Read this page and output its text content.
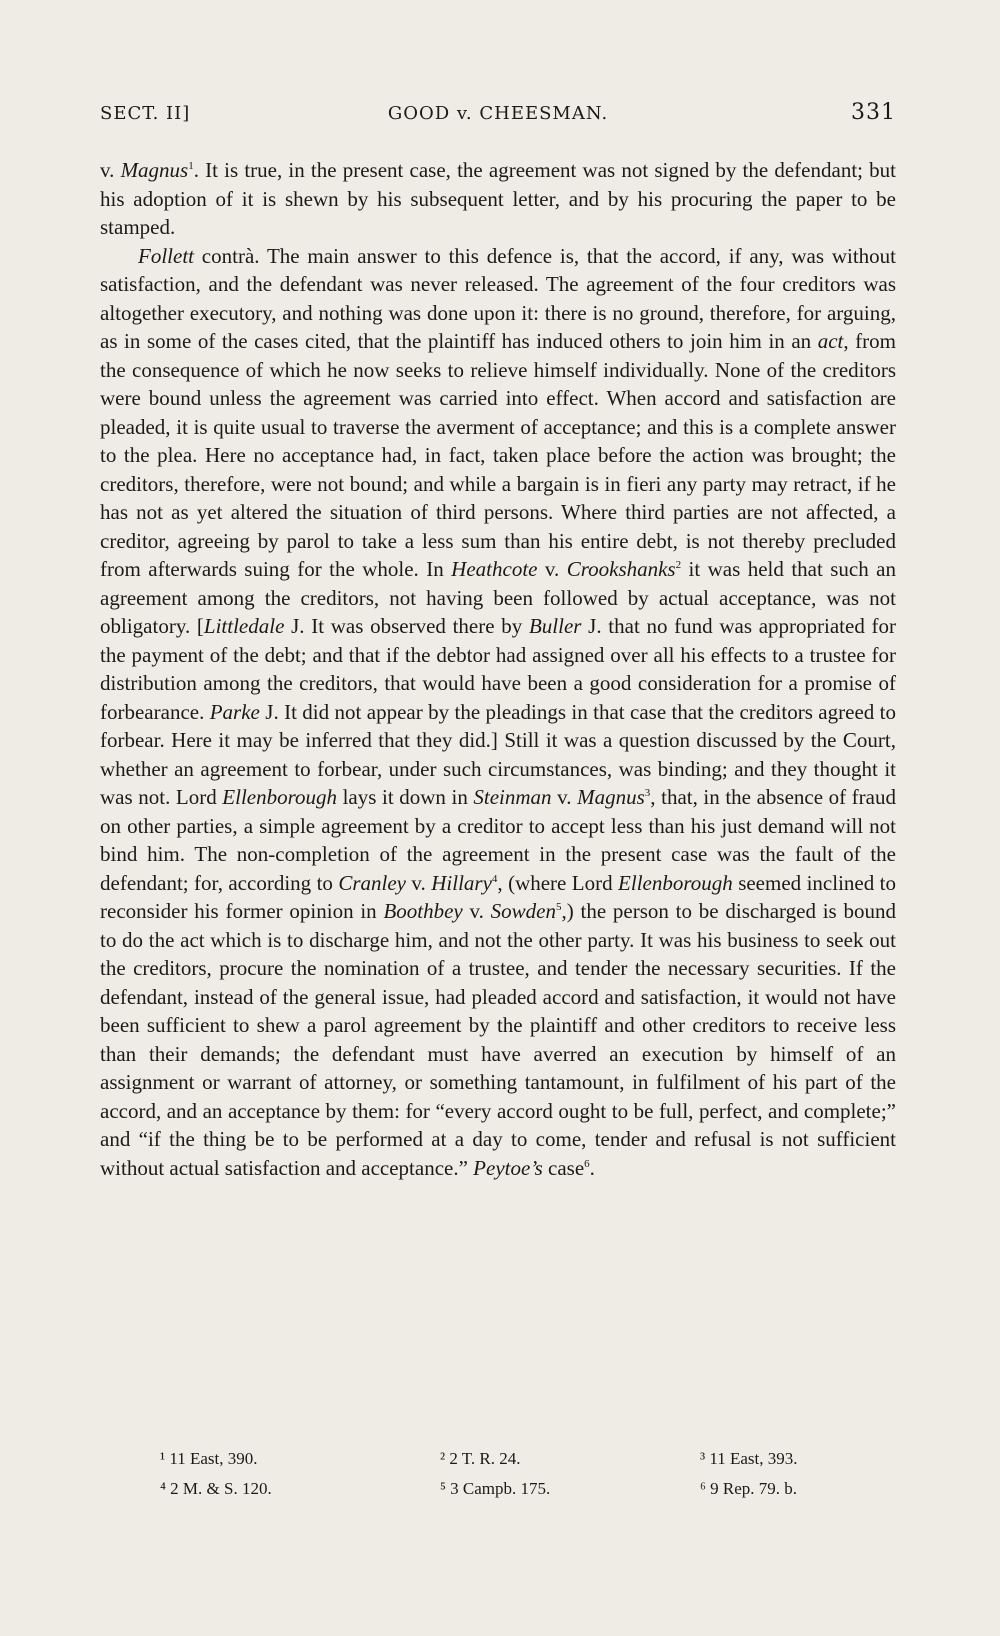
SECT. II]	GOOD v. CHEESMAN.	331

v. Magnus$^1$. It is true, in the present case, the agreement was not signed by the defendant; but his adoption of it is shewn by his subsequent letter, and by his procuring the paper to be stamped.

Follett contrà. The main answer to this defence is, that the accord, if any, was without satisfaction, and the defendant was never released. The agreement of the four creditors was altogether executory, and nothing was done upon it: there is no ground, therefore, for arguing, as in some of the cases cited, that the plaintiff has induced others to join him in an act, from the consequence of which he now seeks to relieve himself individually. None of the creditors were bound unless the agreement was carried into effect. When accord and satisfaction are pleaded, it is quite usual to traverse the averment of acceptance; and this is a complete answer to the plea. Here no acceptance had, in fact, taken place before the action was brought; the creditors, therefore, were not bound; and while a bargain is in fieri any party may retract, if he has not as yet altered the situation of third persons. Where third parties are not affected, a creditor, agreeing by parol to take a less sum than his entire debt, is not thereby precluded from afterwards suing for the whole. In Heathcote v. Crookshanks$^2$ it was held that such an agreement among the creditors, not having been followed by actual acceptance, was not obligatory. [Littledale J. It was observed there by Buller J. that no fund was appropriated for the payment of the debt; and that if the debtor had assigned over all his effects to a trustee for distribution among the creditors, that would have been a good consideration for a promise of forbearance. Parke J. It did not appear by the pleadings in that case that the creditors agreed to forbear. Here it may be inferred that they did.] Still it was a question discussed by the Court, whether an agreement to forbear, under such circumstances, was binding; and they thought it was not. Lord Ellenborough lays it down in Steinman v. Magnus$^3$, that, in the absence of fraud on other parties, a simple agreement by a creditor to accept less than his just demand will not bind him. The non-completion of the agreement in the present case was the fault of the defendant; for, according to Cranley v. Hillary$^4$, (where Lord Ellenborough seemed inclined to reconsider his former opinion in Boothbey v. Sowden$^5$,) the person to be discharged is bound to do the act which is to discharge him, and not the other party. It was his business to seek out the creditors, procure the nomination of a trustee, and tender the necessary securities. If the defendant, instead of the general issue, had pleaded accord and satisfaction, it would not have been sufficient to shew a parol agreement by the plaintiff and other creditors to receive less than their demands; the defendant must have averred an execution by himself of an assignment or warrant of attorney, or something tantamount, in fulfilment of his part of the accord, and an acceptance by them: for “every accord ought to be full, perfect, and complete;” and “if the thing be to be performed at a day to come, tender and refusal is not sufficient without actual satisfaction and acceptance.” Peytoe’s case$^6$.

¹ 11 East, 390.	² 2 T. R. 24.	³ 11 East, 393.
⁴ 2 M. & S. 120.	⁵ 3 Campb. 175.	⁶ 9 Rep. 79. b.
